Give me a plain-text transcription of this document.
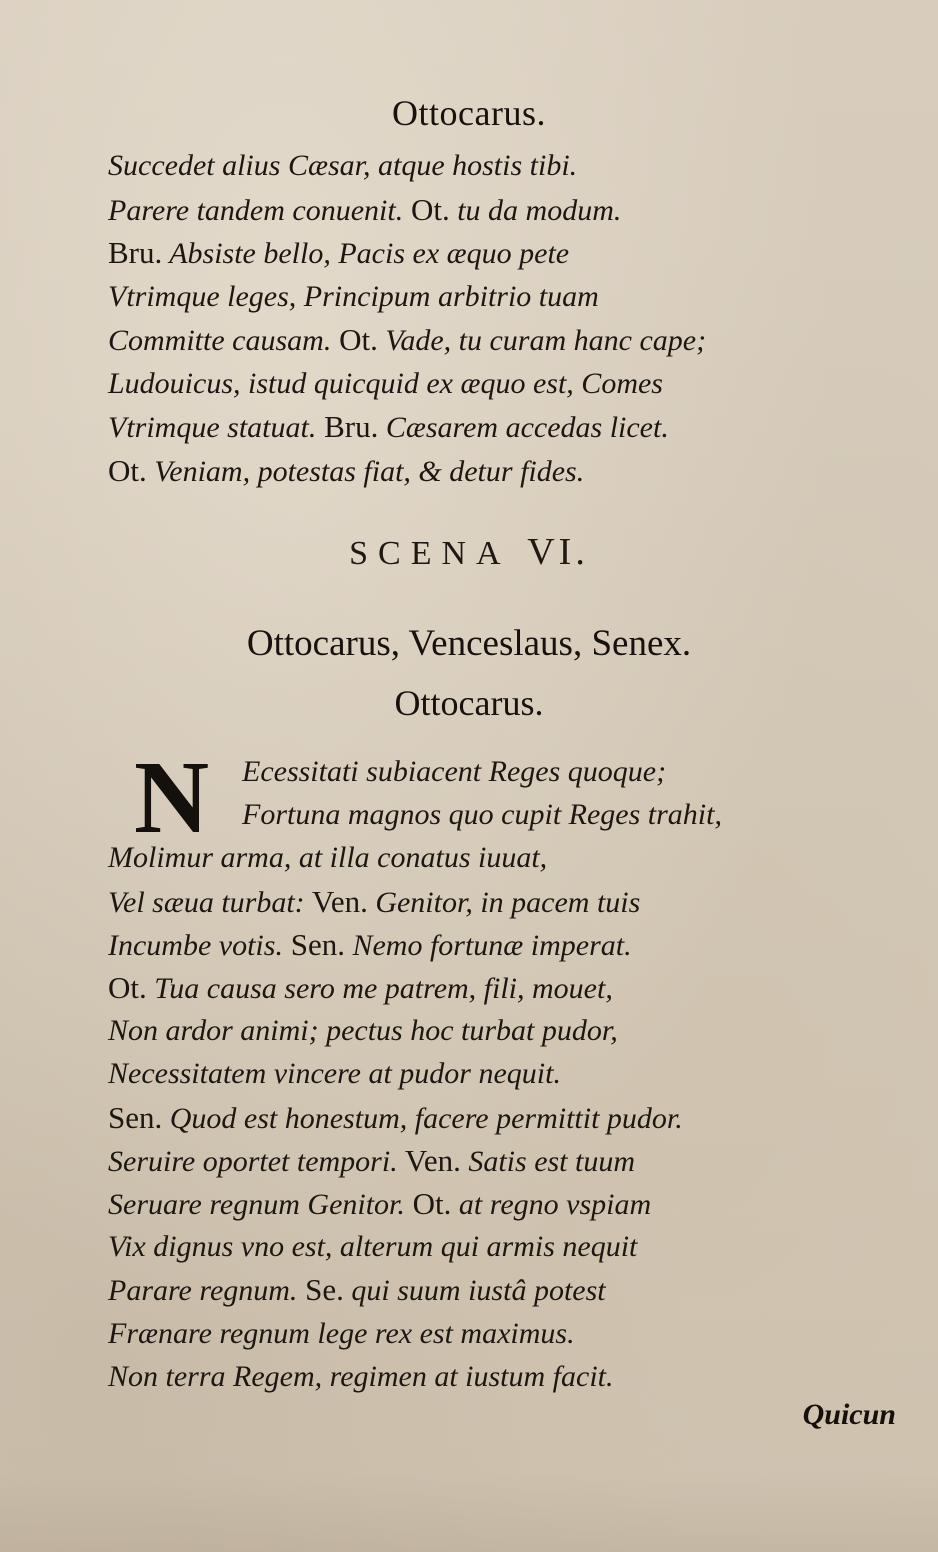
Ottocarus.
Succedet alius Cæsar, atque hostis tibi.
Parere tandem conuenit. Ot. tu da modum.
Bru. Absiste bello, Pacis ex æquo pete
Vtrimque leges, Principum arbitrio tuam
Committe causam. Ot. Vade, tu curam hanc cape;
Ludouicus, istud quicquid ex æquo est, Comes
Vtrimque statuat. Bru. Cæsarem accedas licet.
Ot. Veniam, potestas fiat, & detur fides.
SCENA VI.
Ottocarus, Venceslaus, Senex.
Ottocarus.
N Ecessitati subiacent Reges quoque;
Fortuna magnos quo cupit Reges trahit,
Molimur arma, at illa conatus iuuat,
Vel sæua turbat: Ven. Genitor, in pacem tuis
Incumbe votis. Sen. Nemo fortunæ imperat.
Ot. Tua causa sero me patrem, fili, mouet,
Non ardor animi; pectus hoc turbat pudor,
Necessitatem vincere at pudor nequit.
Sen. Quod est honestum, facere permittit pudor.
Seruire oportet tempori. Ven. Satis est tuum
Seruare regnum Genitor. Ot. at regno vspiam
Vix dignus vno est, alterum qui armis nequit
Parare regnum. Se. qui suum iustâ potest
Frænare regnum lege rex est maximus.
Non terra Regem, regimen at iustum facit.
Quicun
